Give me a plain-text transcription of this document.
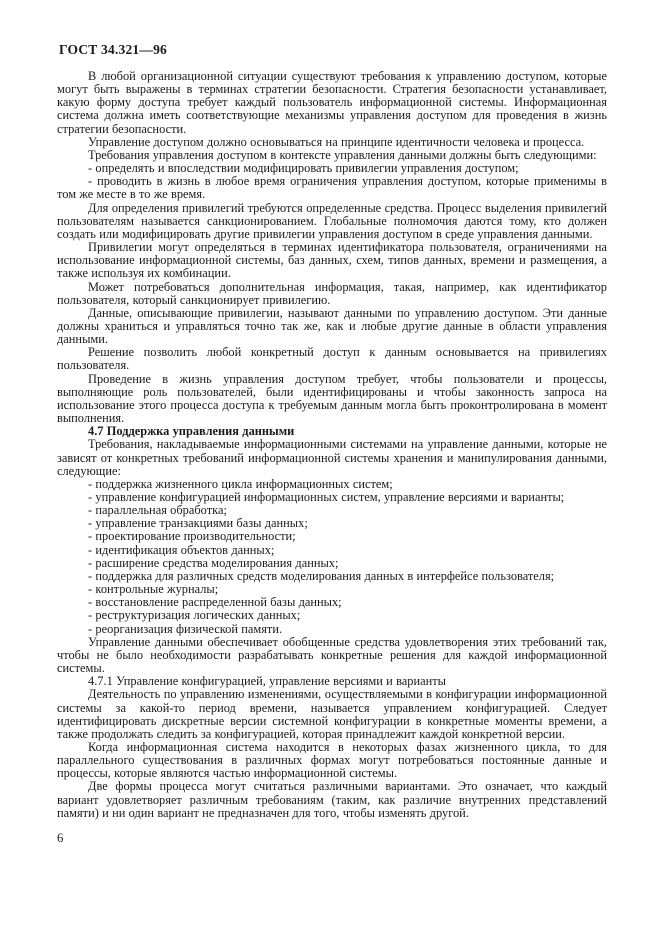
ГОСТ 34.321—96
В любой организационной ситуации существуют требования к управлению доступом, которые могут быть выражены в терминах стратегии безопасности. Стратегия безопасности устанавливает, какую форму доступа требует каждый пользователь информационной системы. Информационная система должна иметь соответствующие механизмы управления доступом для проведения в жизнь стратегии безопасности.
Управление доступом должно основываться на принципе идентичности человека и процесса.
Требования управления доступом в контексте управления данными должны быть следующими:
- определять и впоследствии модифицировать привилегии управления доступом;
- проводить в жизнь в любое время ограничения управления доступом, которые применимы в том же месте в то же время.
Для определения привилегий требуются определенные средства. Процесс выделения привилегий пользователям называется санкционированием. Глобальные полномочия даются тому, кто должен создать или модифицировать другие привилегии управления доступом в среде управления данными.
Привилегии могут определяться в терминах идентификатора пользователя, ограничениями на использование информационной системы, баз данных, схем, типов данных, времени и размещения, а также используя их комбинации.
Может потребоваться дополнительная информация, такая, например, как идентификатор пользователя, который санкционирует привилегию.
Данные, описывающие привилегии, называют данными по управлению доступом. Эти данные должны храниться и управляться точно так же, как и любые другие данные в области управления данными.
Решение позволить любой конкретный доступ к данным основывается на привилегиях пользователя.
Проведение в жизнь управления доступом требует, чтобы пользователи и процессы, выполняющие роль пользователей, были идентифицированы и чтобы законность запроса на использование этого процесса доступа к требуемым данным могла быть проконтролирована в момент выполнения.
4.7 Поддержка управления данными
Требования, накладываемые информационными системами на управление данными, которые не зависят от конкретных требований информационной системы хранения и манипулирования данными, следующие:
- поддержка жизненного цикла информационных систем;
- управление конфигурацией информационных систем, управление версиями и варианты;
- параллельная обработка;
- управление транзакциями базы данных;
- проектирование производительности;
- идентификация объектов данных;
- расширение средства моделирования данных;
- поддержка для различных средств моделирования данных в интерфейсе пользователя;
- контрольные журналы;
- восстановление распределенной базы данных;
- реструктуризация логических данных;
- реорганизация физической памяти.
Управление данными обеспечивает обобщенные средства удовлетворения этих требований так, чтобы не было необходимости разрабатывать конкретные решения для каждой информационной системы.
4.7.1 Управление конфигурацией, управление версиями и варианты
Деятельность по управлению изменениями, осуществляемыми в конфигурации информационной системы за какой-то период времени, называется управлением конфигурацией. Следует идентифицировать дискретные версии системной конфигурации в конкретные моменты времени, а также продолжать следить за конфигурацией, которая принадлежит каждой конкретной версии.
Когда информационная система находится в некоторых фазах жизненного цикла, то для параллельного существования в различных формах могут потребоваться постоянные данные и процессы, которые являются частью информационной системы.
Две формы процесса могут считаться различными вариантами. Это означает, что каждый вариант удовлетворяет различным требованиям (таким, как различие внутренних представлений памяти) и ни один вариант не предназначен для того, чтобы изменять другой.
6
